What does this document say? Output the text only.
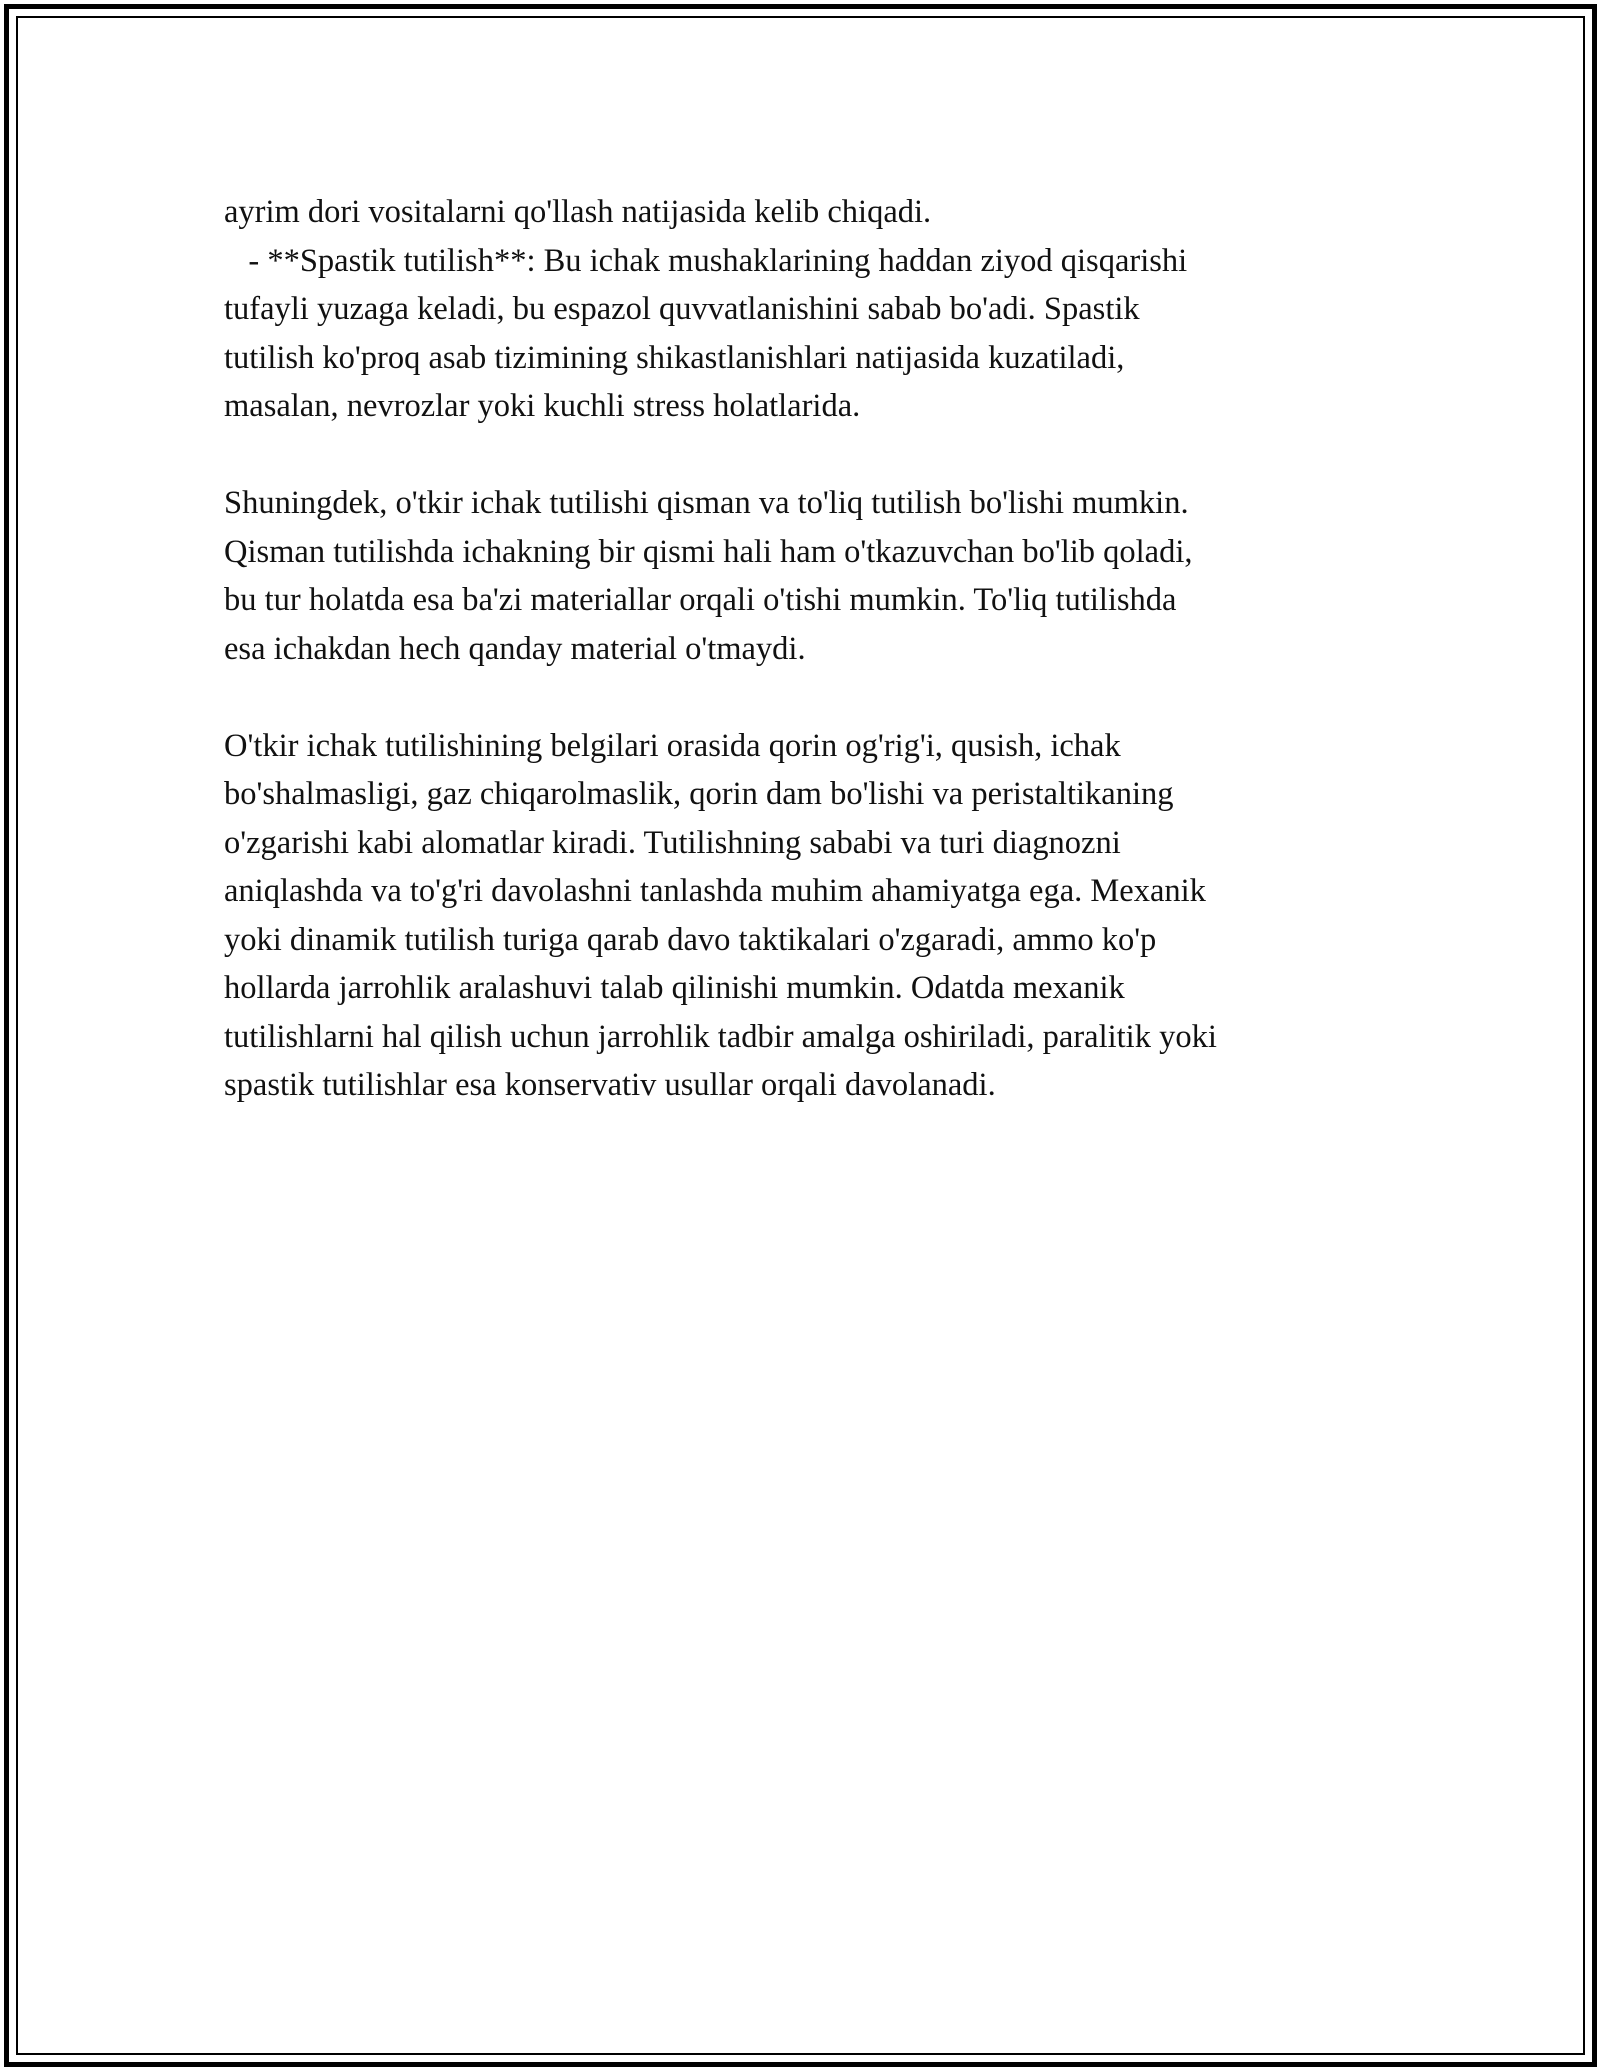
ayrim dori vositalarni qo'llash natijasida kelib chiqadi.
- **Spastik tutilish**: Bu ichak mushaklarining haddan ziyod qisqarishi
tufayli yuzaga keladi, bu espazol quvvatlanishini sabab bo'adi. Spastik
tutilish ko'proq asab tizimining shikastlanishlari natijasida kuzatiladi,
masalan, nevrozlar yoki kuchli stress holatlarida.
Shuningdek, o'tkir ichak tutilishi qisman va to'liq tutilish bo'lishi mumkin.
Qisman tutilishda ichakning bir qismi hali ham o'tkazuvchan bo'lib qoladi,
bu tur holatda esa ba'zi materiallar orqali o'tishi mumkin. To'liq tutilishda
esa ichakdan hech qanday material o'tmaydi.
O'tkir ichak tutilishining belgilari orasida qorin og'rig'i, qusish, ichak
bo'shalmasligi, gaz chiqarolmaslik, qorin dam bo'lishi va peristaltikaning
o'zgarishi kabi alomatlar kiradi. Tutilishning sababi va turi diagnozni
aniqlashda va to'g'ri davolashni tanlashda muhim ahamiyatga ega. Mexanik
yoki dinamik tutilish turiga qarab davo taktikalari o'zgaradi, ammo ko'p
hollarda jarrohlik aralashuvi talab qilinishi mumkin. Odatda mexanik
tutilishlarni hal qilish uchun jarrohlik tadbir amalga oshiriladi, paralitik yoki
spastik tutilishlar esa konservativ usullar orqali davolanadi.
